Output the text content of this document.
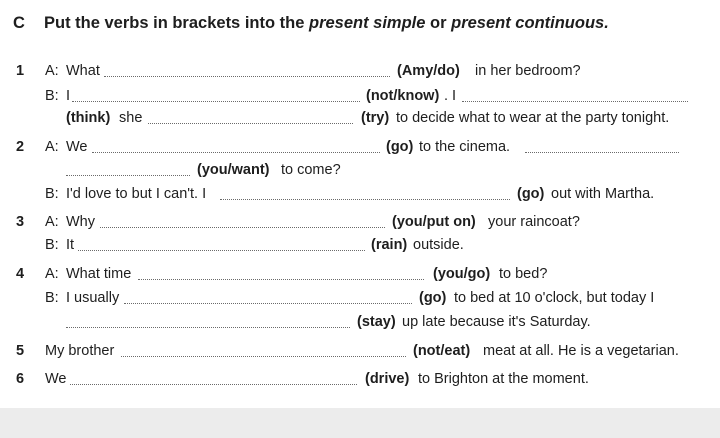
C Put the verbs in brackets into the present simple or present continuous.
1 A: What	(Amy/do) in her bedroom?
B: I	(not/know) . I
(think) she	(try) to decide what to wear at the party tonight.
2 A: We	(go) to the cinema.
(you/want) to come?
B: I'd love to but I can't. I	(go) out with Martha.
3 A: Why	(you/put on) your raincoat?
B: It	(rain) outside.
4 A: What time	(you/go) to bed?
B: I usually	(go) to bed at 10 o'clock, but today I
(stay) up late because it's Saturday.
5 My brother	(not/eat) meat at all. He is a vegetarian.
6 We	(drive) to Brighton at the moment.
